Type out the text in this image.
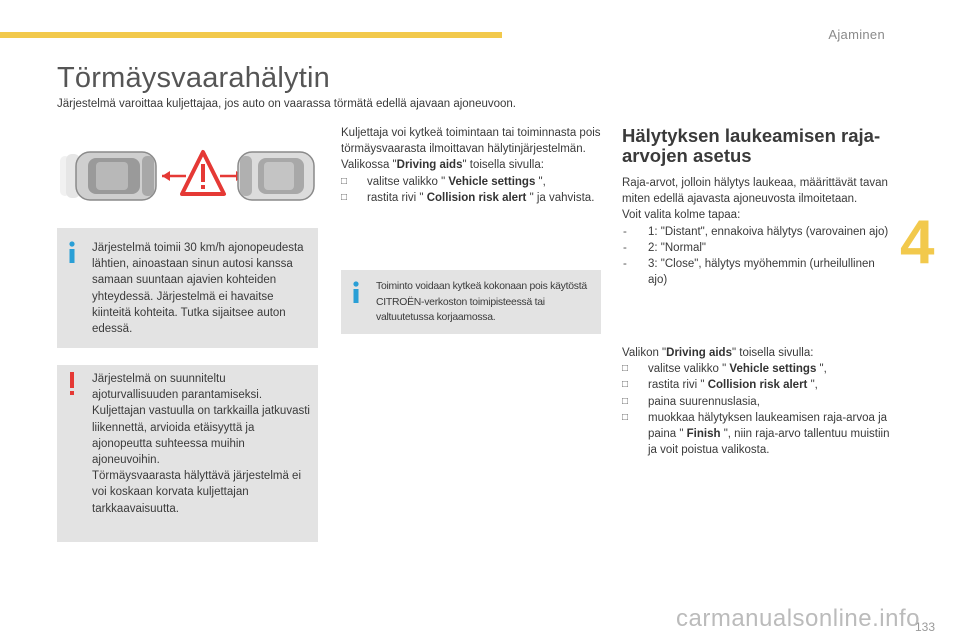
Ajaminen
4
Törmäysvaarahälytin
Järjestelmä varoittaa kuljettajaa, jos auto on vaarassa törmätä edellä ajavaan ajoneuvoon.
Järjestelmä toimii 30 km/h ajonopeudesta lähtien, ainoastaan sinun autosi kanssa samaan suuntaan ajavien kohteiden yhteydessä. Järjestelmä ei havaitse kiinteitä kohteita. Tutka sijaitsee auton edessä.
Järjestelmä on suunniteltu ajoturvallisuuden parantamiseksi. Kuljettajan vastuulla on tarkkailla jatkuvasti liikennettä, arvioida etäisyyttä ja ajonopeutta suhteessa muihin ajoneuvoihin.
Törmäysvaarasta hälyttävä järjestelmä ei voi koskaan korvata kuljettajan tarkkaavaisuutta.

Kuljettaja voi kytkeä toimintaan tai toiminnasta pois törmäysvaarasta ilmoittavan hälytinjärjestelmän.

Valikossa "Driving aids" toisella sivulla:

□ valitse valikko " Vehicle settings ",
□ rastita rivi " Collision risk alert " ja vahvista.
Toiminto voidaan kytkeä kokonaan pois käytöstä CITROËN-verkoston toimipisteessä tai valtuutetussa korjaamossa.
Hälytyksen laukeamisen raja-arvojen asetus

Raja-arvot, jolloin hälytys laukeaa, määrittävät tavan miten edellä ajavasta ajoneuvosta ilmoitetaan.

Voit valita kolme tapaa:

- 1: "Distant", ennakoiva hälytys (varovainen ajo)
- 2: "Normal"
- 3: "Close", hälytys myöhemmin (urheilullinen ajo)

Valikon "Driving aids" toisella sivulla:

□ valitse valikko " Vehicle settings ",
□ rastita rivi " Collision risk alert ",
□ paina suurennuslasia,
□ muokkaa hälytyksen laukeamisen raja-arvoa ja paina " Finish ", niin raja-arvo tallentuu muistiin ja voit poistua valikosta.
carmanualsonline.info
133
